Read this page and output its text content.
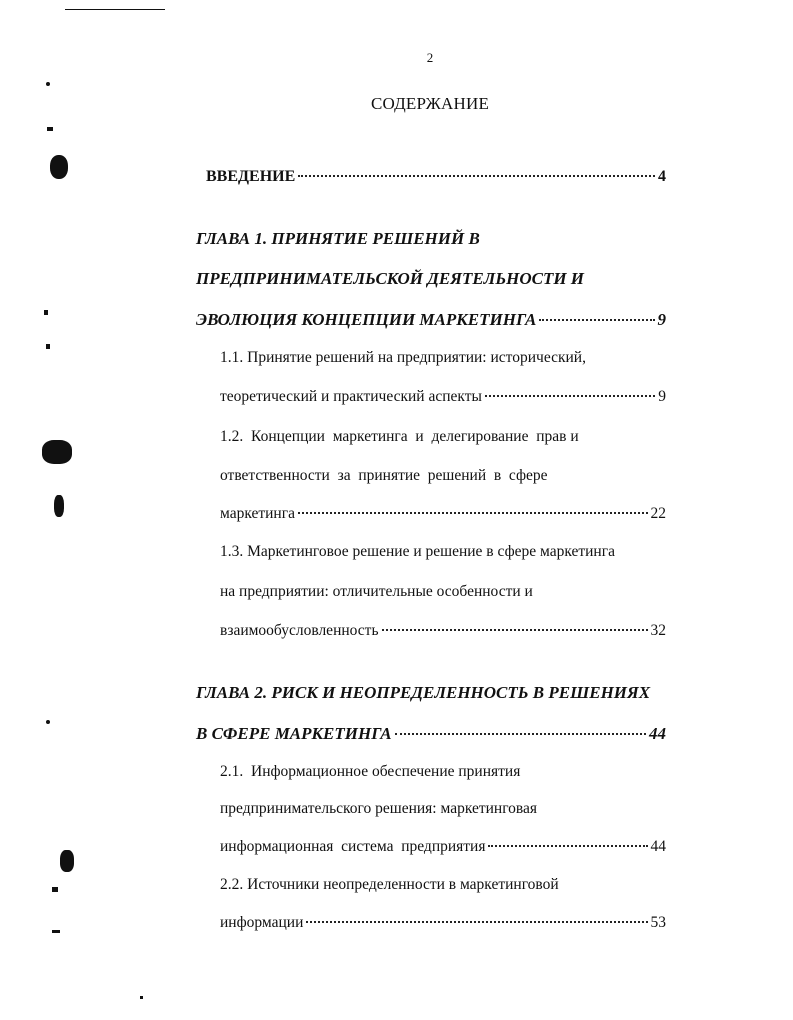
2
СОДЕРЖАНИЕ
ВВЕДЕНИЕ	4
ГЛАВА 1. ПРИНЯТИЕ РЕШЕНИЙ В
ПРЕДПРИНИМАТЕЛЬСКОЙ ДЕЯТЕЛЬНОСТИ И
ЭВОЛЮЦИЯ КОНЦЕПЦИИ МАРКЕТИНГА	9
1.1. Принятие решений на предприятии: исторический,
теоретический и практический аспекты	9
1.2.  Концепции  маркетинга  и  делегирование  прав и
ответственности  за  принятие  решений  в  сфере
маркетинга	22
1.3. Маркетинговое решение и решение в сфере маркетинга
на предприятии: отличительные особенности и
взаимообусловленность	32
ГЛАВА 2. РИСК И НЕОПРЕДЕЛЕННОСТЬ В РЕШЕНИЯХ
В СФЕРЕ МАРКЕТИНГА	44
2.1.  Информационное обеспечение принятия
предпринимательского решения: маркетинговая
информационная  система  предприятия	44
2.2. Источники неопределенности в маркетинговой
информации	53
